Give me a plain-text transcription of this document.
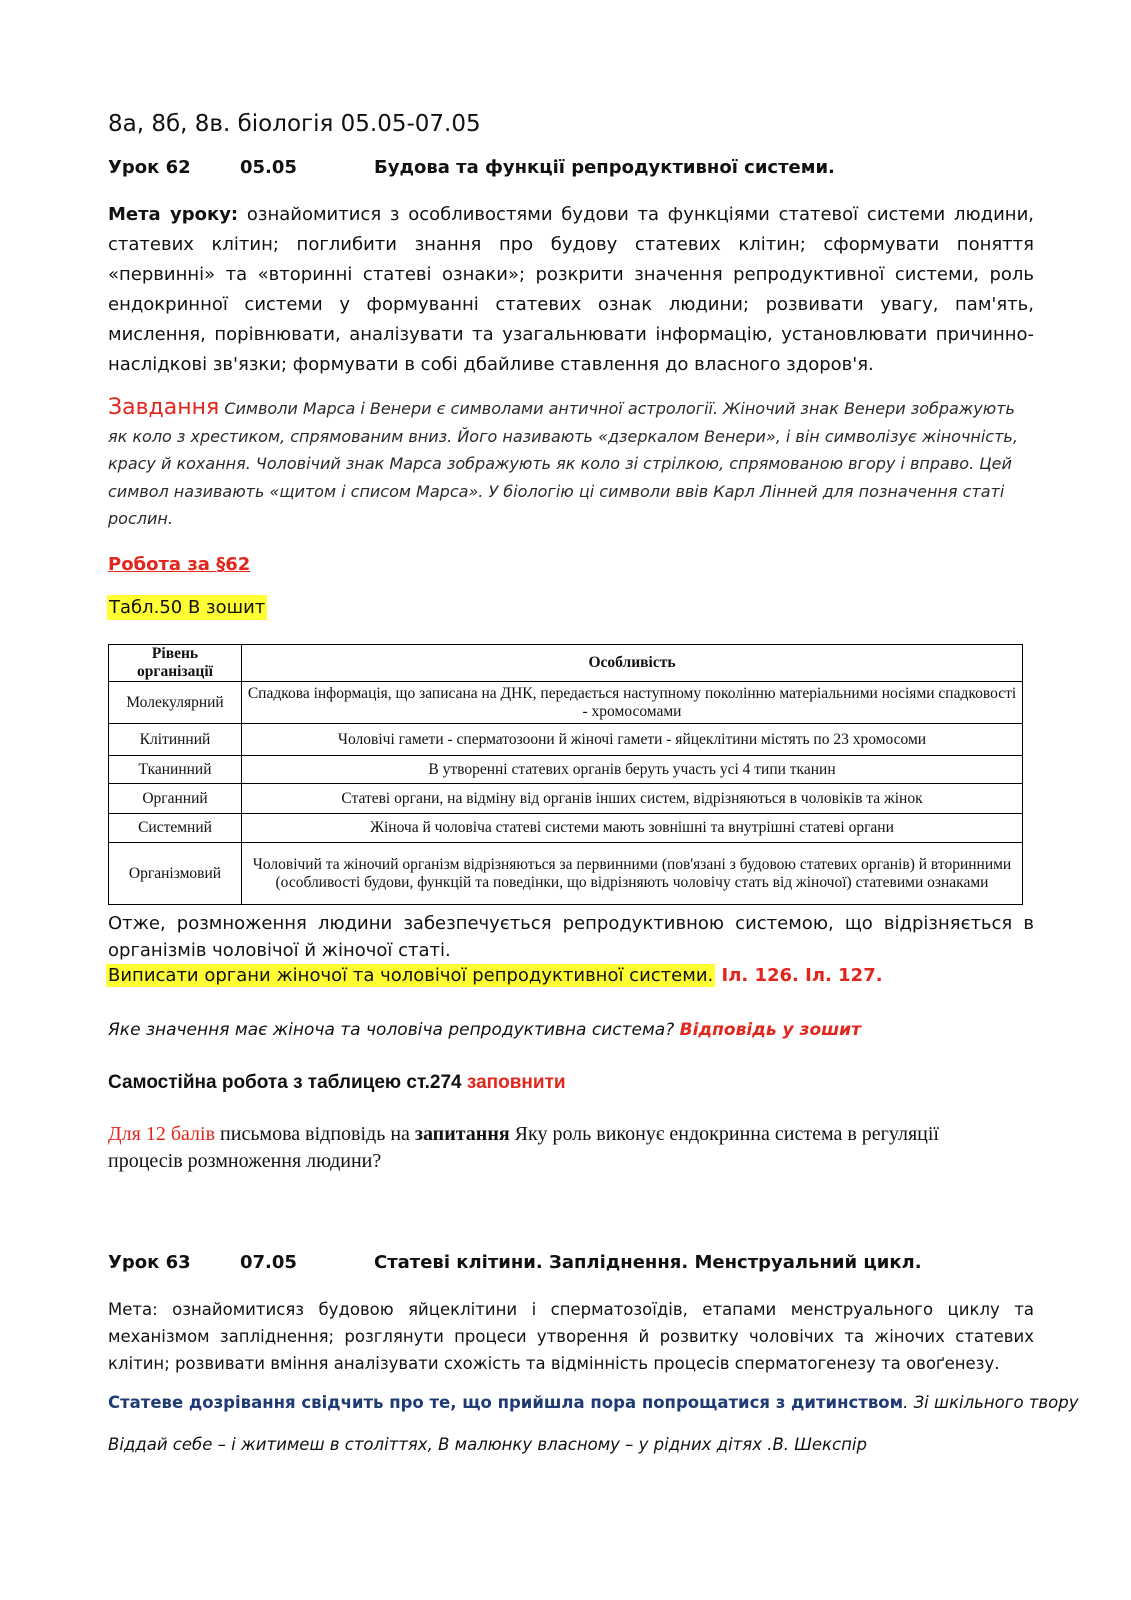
8а, 8б, 8в. біологія 05.05-07.05
Урок 62	05.05	Будова та функції репродуктивної системи.
Мета уроку: ознайомитися з особливостями будови та функціями статевої системи людини, статевих клітин; поглибити знання про будову статевих клітин; сформувати поняття «первинні» та «вторинні статеві ознаки»; розкрити значення репродуктивної системи, роль ендокринної системи у формуванні статевих ознак людини; розвивати увагу, пам'ять, мислення, порівнювати, аналізувати та узагальнювати інформацію, установлювати причинно-наслідкові зв'язки; формувати в собі дбайливе ставлення до власного здоров'я.
Завдання Символи Марса і Венери є символами античної астрології. Жіночий знак Венери зображують як коло з хрестиком, спрямованим вниз. Його називають «дзеркалом Венери», і він символізує жіночність, красу й кохання. Чоловічий знак Марса зображують як коло зі стрілкою, спрямованою вгору і вправо. Цей символ називають «щитом і списом Марса». У біологію ці символи ввів Карл Лінней для позначення статі рослин.
Робота за §62
Табл.50 В зошит
Рівень організації	Особливість
Молекулярний	Спадкова інформація, що записана на ДНК, передається наступному поколінню матеріальними носіями спадковості - хромосомами
Клітинний	Чоловічі гамети - сперматозоони й жіночі гамети - яйцеклітини містять по 23 хромосоми
Тканинний	В утворенні статевих органів беруть участь усі 4 типи тканин
Органний	Статеві органи, на відміну від органів інших систем, відрізняються в чоловіків та жінок
Системний	Жіноча й чоловіча статеві системи мають зовнішні та внутрішні статеві органи
Організмовий	Чоловічий та жіночий організм відрізняються за первинними (пов'язані з будовою статевих органів) й вторинними (особливості будови, функцій та поведінки, що відрізняють чоловічу стать від жіночої) статевими ознаками
Отже, розмноження людини забезпечується репродуктивною системою, що відрізняється в організмів чоловічої й жіночої статі.
Виписати органи жіночої та чоловічої репродуктивної системи. Іл. 126. Іл. 127.
Яке значення має жіноча та чоловіча репродуктивна система? Відповідь у зошит
Самостійна робота з таблицею ст.274 заповнити
Для 12 балів письмова відповідь на запитання Яку роль виконує ендокринна система в регуляції процесів розмноження людини?
Урок 63	07.05	Статеві клітини. Запліднення. Менструальний цикл.
Мета: ознайомитисяз будовою яйцеклітини і сперматозоїдів, етапами менструального циклу та механізмом запліднення; розглянути процеси утворення й розвитку чоловічих та жіночих статевих клітин; розвивати вміння аналізувати схожість та відмінність процесів сперматогенезу та овоґенезу.
Статеве дозрівання свідчить про те, що прийшла пора попрощатися з дитинством. Зі шкільного твору
Віддай себе – і житимеш в століттях, В малюнку власному – у рідних дітях .В. Шекспір
